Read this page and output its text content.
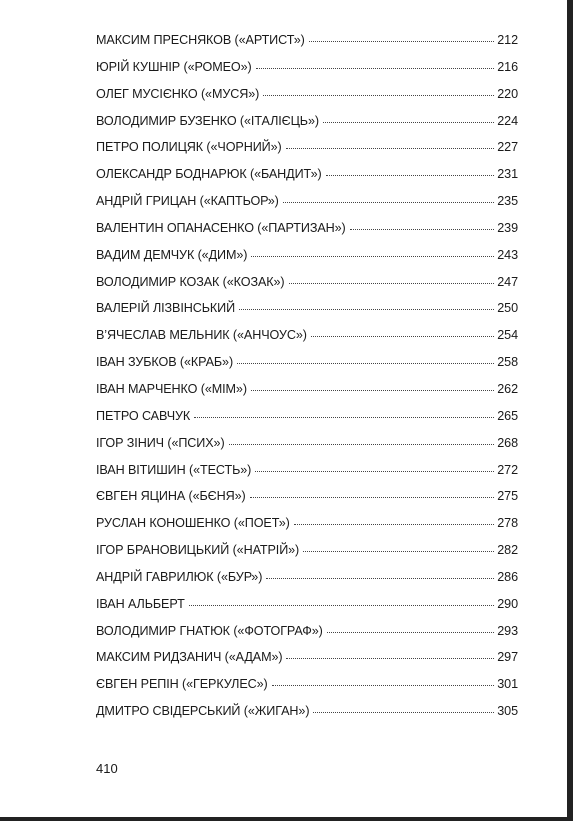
МАКСИМ ПРЕСНЯКОВ («АРТИСТ»)	212
ЮРІЙ КУШНІР («РОМЕО»)	216
ОЛЕГ МУСІЄНКО («МУСЯ»)	220
ВОЛОДИМИР БУЗЕНКО («ІТАЛІЄЦЬ»)	224
ПЕТРО ПОЛИЦЯК («ЧОРНИЙ»)	227
ОЛЕКСАНДР БОДНАРЮК («БАНДИТ»)	231
АНДРІЙ ГРИЦАН («КАПТЬОР»)	235
ВАЛЕНТИН ОПАНАСЕНКО («ПАРТИЗАН»)	239
ВАДИМ ДЕМЧУК («ДИМ»)	243
ВОЛОДИМИР КОЗАК («КОЗАК»)	247
ВАЛЕРІЙ ЛІЗВІНСЬКИЙ	250
В’ЯЧЕСЛАВ МЕЛЬНИК («АНЧОУС»)	254
ІВАН ЗУБКОВ («КРАБ»)	258
ІВАН МАРЧЕНКО («МІМ»)	262
ПЕТРО САВЧУК	265
ІГОР ЗІНИЧ («ПСИХ»)	268
ІВАН ВІТИШИН («ТЕСТЬ»)	272
ЄВГЕН ЯЦИНА («БЄНЯ»)	275
РУСЛАН КОНОШЕНКО («ПОЕТ»)	278
ІГОР БРАНОВИЦЬКИЙ («НАТРІЙ»)	282
АНДРІЙ ГАВРИЛЮК («БУР»)	286
ІВАН АЛЬБЕРТ	290
ВОЛОДИМИР ГНАТЮК («ФОТОГРАФ»)	293
МАКСИМ РИДЗАНИЧ («АДАМ»)	297
ЄВГЕН РЕПІН («ГЕРКУЛЕС»)	301
ДМИТРО СВІДЕРСЬКИЙ («ЖИГАН»)	305
410
